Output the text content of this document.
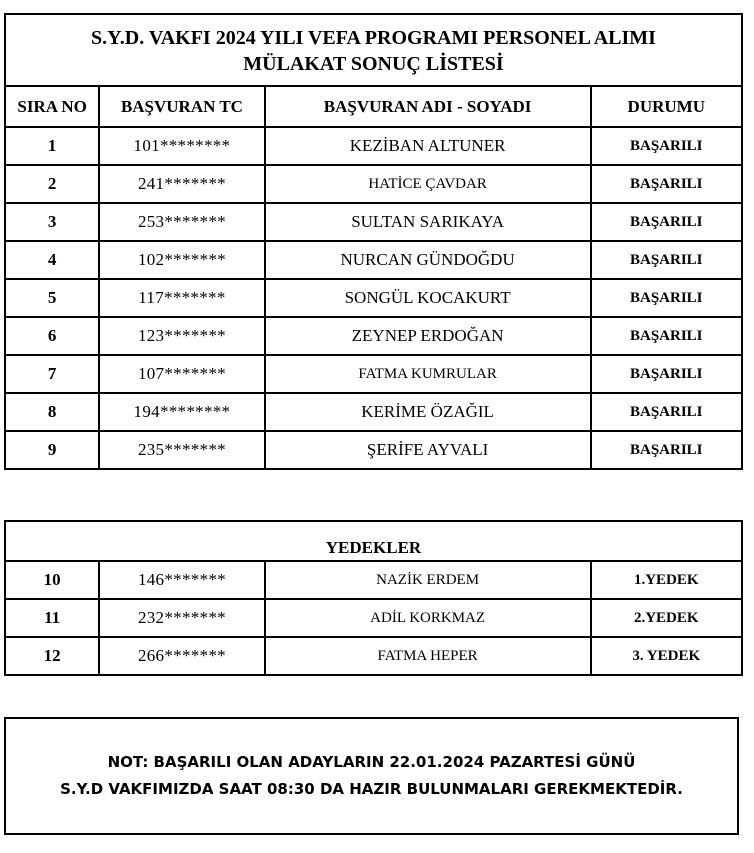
S.Y.D. VAKFI 2024 YILI VEFA PROGRAMI PERSONEL ALIMI
MÜLAKAT SONUÇ LİSTESİ			

SIRA NO	BAŞVURAN TC	BAŞVURAN ADI - SOYADI	DURUMU
1	101********	KEZİBAN ALTUNER	BAŞARILI
2	241*******	HATİCE ÇAVDAR	BAŞARILI
3	253*******	SULTAN SARIKAYA	BAŞARILI
4	102*******	NURCAN GÜNDOĞDU	BAŞARILI
5	117*******	SONGÜL KOCAKURT	BAŞARILI
6	123*******	ZEYNEP ERDOĞAN	BAŞARILI
7	107*******	FATMA KUMRULAR	BAŞARILI
8	194********	KERİME ÖZAĞIL	BAŞARILI
9	235*******	ŞERİFE AYVALI	BAŞARILI
YEDEKLER			
10	146*******	NAZİK ERDEM	1.YEDEK
11	232*******	ADİL KORKMAZ	2.YEDEK
12	266*******	FATMA HEPER	3. YEDEK
NOT: BAŞARILI OLAN ADAYLARIN 22.01.2024 PAZARTESİ GÜNÜ
S.Y.D VAKFIMIZDA SAAT 08:30 DA HAZIR BULUNMALARI GEREKMEKTEDİR.
